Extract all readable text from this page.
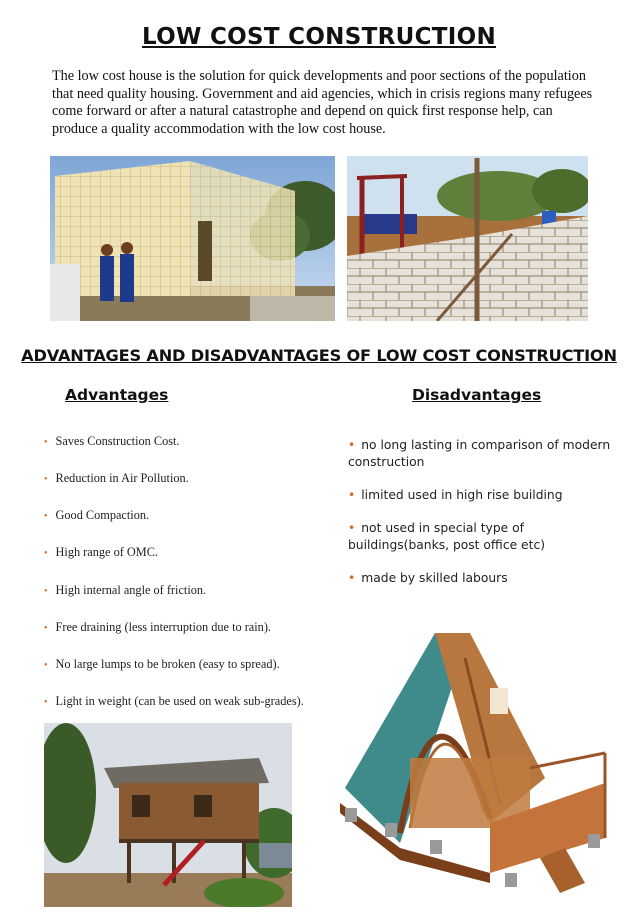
LOW COST CONSTRUCTION
The low cost house is the solution for quick developments and poor sections of the population that need quality housing. Government and aid agencies, which in crisis regions many refugees come forward or after a natural catastrophe and depend on quick first response help, can produce a quality accommodation with the low cost house.
ADVANTAGES AND DISADVANTAGES OF LOW COST CONSTRUCTION
Advantages	Disadvantages
• Saves Construction Cost.
• Reduction in Air Pollution.
• Good Compaction.
• High range of OMC.
• High internal angle of friction.
• Free draining (less interruption due to rain).
• No large lumps to be broken (easy to spread).
• Light in weight (can be used on weak sub-grades).
• no long lasting in comparison of modern construction
• limited used in high rise building
• not used in special type of buildings(banks, post office etc)
• made by skilled labours
